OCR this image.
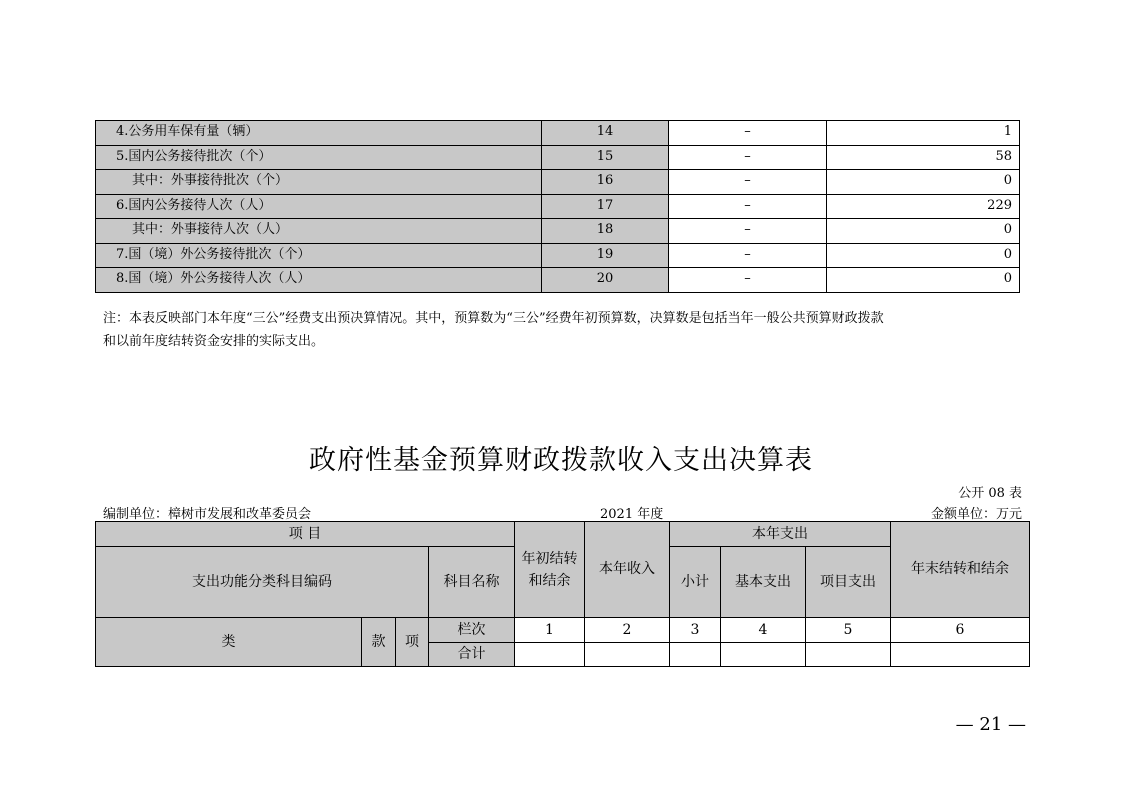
4.公务用车保有量（辆）	14	–	1
5.国内公务接待批次（个）	15	–	58
其中：外事接待批次（个）	16	–	0
6.国内公务接待人次（人）	17	–	229
其中：外事接待人次（人）	18	–	0
7.国（境）外公务接待批次（个）	19	–	0
8.国（境）外公务接待人次（人）	20	–	0
注：本表反映部门本年度“三公”经费支出预决算情况。其中，预算数为“三公”经费年初预算数，决算数是包括当年一般公共预算财政拨款
和以前年度结转资金安排的实际支出。
政府性基金预算财政拨款收入支出决算表
公开 08 表
编制单位：樟树市发展和改革委员会	2021 年度	金额单位：万元
项 目				年初结转和结余	本年收入	本年支出			年末结转和结余
支出功能分类科目编码			科目名称			小计	基本支出	项目支出	
类	款	项	栏次	1	2	3	4	5	6
			合计						
— 21 —
